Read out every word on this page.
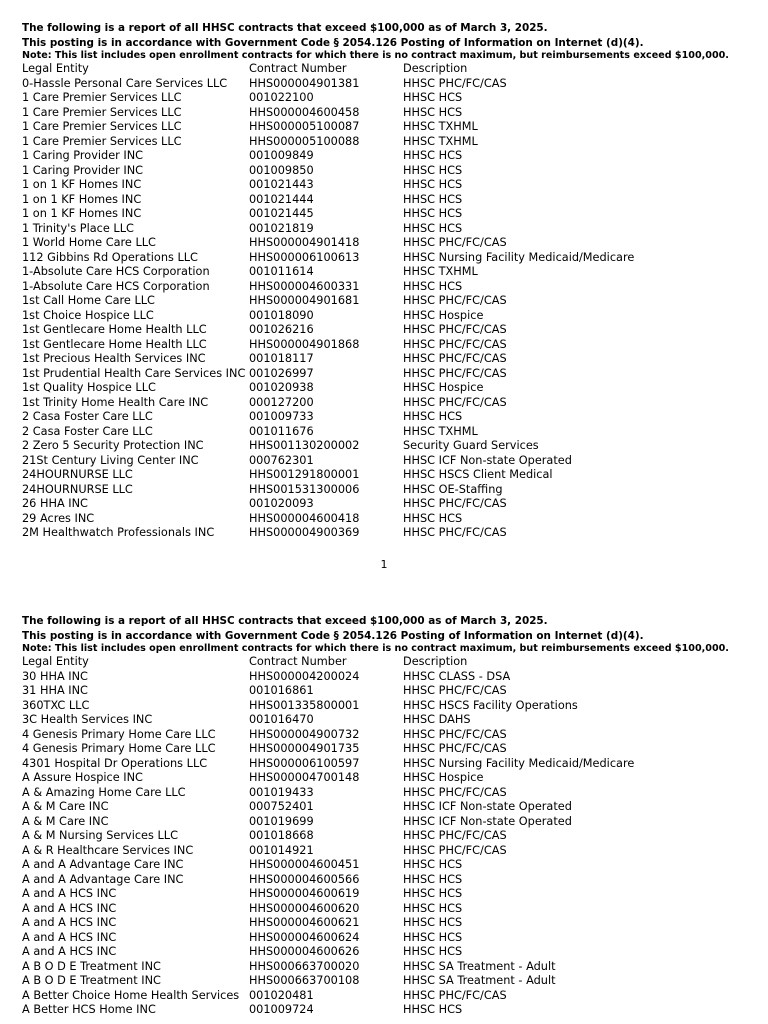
The following is a report of all HHSC contracts that exceed $100,000 as of March 3, 2025.
This posting is in accordance with Government Code § 2054.126 Posting of Information on Internet (d)(4).
Note: This list includes open enrollment contracts for which there is no contract maximum, but reimbursements exceed $100,000.
Legal Entity	Contract Number	Description
0-Hassle Personal Care Services LLC HHS000004901381	HHSC PHC/FC/CAS
1 Care Premier Services LLC	001022100	HHSC HCS
1 Care Premier Services LLC	HHS000004600458	HHSC HCS
1 Care Premier Services LLC	HHS000005100087	HHSC TXHML
1 Care Premier Services LLC	HHS000005100088	HHSC TXHML
1 Caring Provider INC	001009849	HHSC HCS
1 Caring Provider INC	001009850	HHSC HCS
1 on 1 KF Homes INC	001021443	HHSC HCS
1 on 1 KF Homes INC	001021444	HHSC HCS
1 on 1 KF Homes INC	001021445	HHSC HCS
1 Trinity's Place LLC	001021819	HHSC HCS
1 World Home Care LLC	HHS000004901418	HHSC PHC/FC/CAS
112 Gibbins Rd Operations LLC	HHS000006100613	HHSC Nursing Facility Medicaid/Medicare
1-Absolute Care HCS Corporation	001011614	HHSC TXHML
1-Absolute Care HCS Corporation	HHS000004600331	HHSC HCS
1st Call Home Care LLC	HHS000004901681	HHSC PHC/FC/CAS
1st Choice Hospice LLC	001018090	HHSC Hospice
1st Gentlecare Home Health LLC	001026216	HHSC PHC/FC/CAS
1st Gentlecare Home Health LLC	HHS000004901868	HHSC PHC/FC/CAS
1st Precious Health Services INC	001018117	HHSC PHC/FC/CAS
1st Prudential Health Care Services INC 001026997	HHSC PHC/FC/CAS
1st Quality Hospice LLC	001020938	HHSC Hospice
1st Trinity Home Health Care INC	000127200	HHSC PHC/FC/CAS
2 Casa Foster Care LLC	001009733	HHSC HCS
2 Casa Foster Care LLC	001011676	HHSC TXHML
2 Zero 5 Security Protection INC	HHS001130200002	Security Guard Services
21St Century Living Center INC	000762301	HHSC ICF Non-state Operated
24HOURNURSE LLC	HHS001291800001	HHSC HSCS Client Medical
24HOURNURSE LLC	HHS001531300006	HHSC OE-Staffing
26 HHA INC	001020093	HHSC PHC/FC/CAS
29 Acres INC	HHS000004600418	HHSC HCS
2M Healthwatch Professionals INC	HHS000004900369	HHSC PHC/FC/CAS
1
The following is a report of all HHSC contracts that exceed $100,000 as of March 3, 2025.
This posting is in accordance with Government Code § 2054.126 Posting of Information on Internet (d)(4).
Note: This list includes open enrollment contracts for which there is no contract maximum, but reimbursements exceed $100,000.
Legal Entity	Contract Number	Description
30 HHA INC	HHS000004200024	HHSC CLASS - DSA
31 HHA INC	001016861	HHSC PHC/FC/CAS
360TXC LLC	HHS001335800001	HHSC HSCS Facility Operations
3C Health Services INC	001016470	HHSC DAHS
4 Genesis Primary Home Care LLC	HHS000004900732	HHSC PHC/FC/CAS
4 Genesis Primary Home Care LLC	HHS000004901735	HHSC PHC/FC/CAS
4301 Hospital Dr Operations LLC	HHS000006100597	HHSC Nursing Facility Medicaid/Medicare
A Assure Hospice INC	HHS000004700148	HHSC Hospice
A & Amazing Home Care LLC	001019433	HHSC PHC/FC/CAS
A & M Care INC	000752401	HHSC ICF Non-state Operated
A & M Care INC	001019699	HHSC ICF Non-state Operated
A & M Nursing Services LLC	001018668	HHSC PHC/FC/CAS
A & R Healthcare Services INC	001014921	HHSC PHC/FC/CAS
A and A Advantage Care INC	HHS000004600451	HHSC HCS
A and A Advantage Care INC	HHS000004600566	HHSC HCS
A and A HCS INC	HHS000004600619	HHSC HCS
A and A HCS INC	HHS000004600620	HHSC HCS
A and A HCS INC	HHS000004600621	HHSC HCS
A and A HCS INC	HHS000004600624	HHSC HCS
A and A HCS INC	HHS000004600626	HHSC HCS
A B O D E Treatment INC	HHS000663700020	HHSC SA Treatment - Adult
A B O D E Treatment INC	HHS000663700108	HHSC SA Treatment - Adult
A Better Choice Home Health Services 001020481	HHSC PHC/FC/CAS
A Better HCS Home INC	001009724	HHSC HCS
